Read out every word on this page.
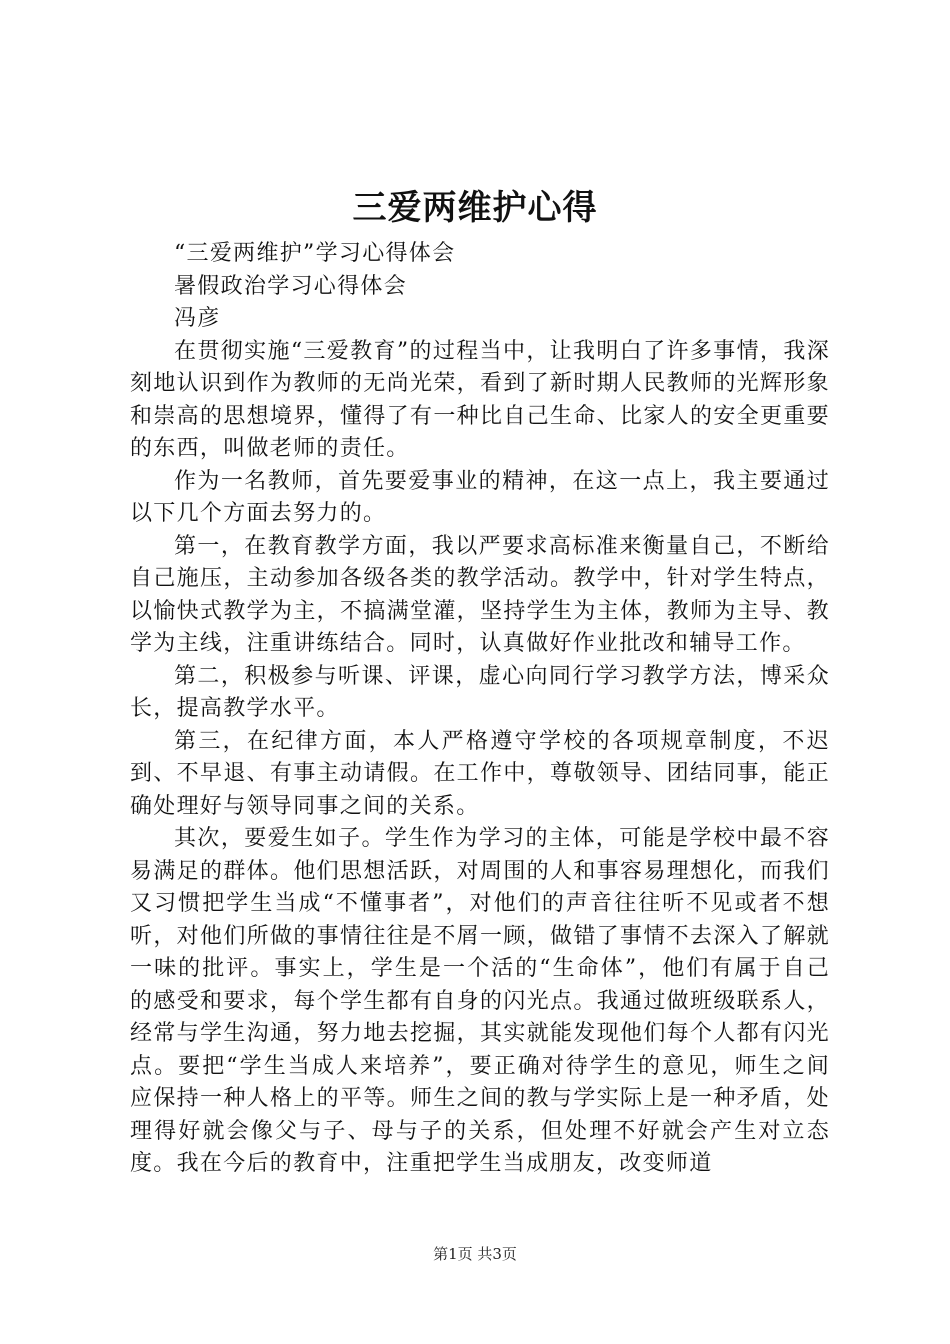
三爱两维护心得

“三爱两维护”学习心得体会

暑假政治学习心得体会

冯彦

在贯彻实施“三爱教育”的过程当中，让我明白了许多事情，我深刻地认识到作为教师的无尚光荣，看到了新时期人民教师的光辉形象和崇高的思想境界，懂得了有一种比自己生命、比家人的安全更重要的东西，叫做老师的责任。

作为一名教师，首先要爱事业的精神，在这一点上，我主要通过以下几个方面去努力的。

第一，在教育教学方面，我以严要求高标准来衡量自己，不断给自己施压，主动参加各级各类的教学活动。教学中，针对学生特点，以愉快式教学为主，不搞满堂灌，坚持学生为主体，教师为主导、教学为主线，注重讲练结合。同时，认真做好作业批改和辅导工作。

第二，积极参与听课、评课，虚心向同行学习教学方法，博采众长，提高教学水平。

第三，在纪律方面，本人严格遵守学校的各项规章制度，不迟到、不早退、有事主动请假。在工作中，尊敬领导、团结同事，能正确处理好与领导同事之间的关系。

其次，要爱生如子。学生作为学习的主体，可能是学校中最不容易满足的群体。他们思想活跃，对周围的人和事容易理想化，而我们又习惯把学生当成“不懂事者”，对他们的声音往往听不见或者不想听，对他们所做的事情往往是不屑一顾，做错了事情不去深入了解就一味的批评。事实上，学生是一个活的“生命体”，他们有属于自己的感受和要求，每个学生都有自身的闪光点。我通过做班级联系人，经常与学生沟通，努力地去挖掘，其实就能发现他们每个人都有闪光点。要把“学生当成人来培养”，要正确对待学生的意见，师生之间应保持一种人格上的平等。师生之间的教与学实际上是一种矛盾，处理得好就会像父与子、母与子的关系，但处理不好就会产生对立态度。我在今后的教育中，注重把学生当成朋友，改变师道

第1页 共3页
